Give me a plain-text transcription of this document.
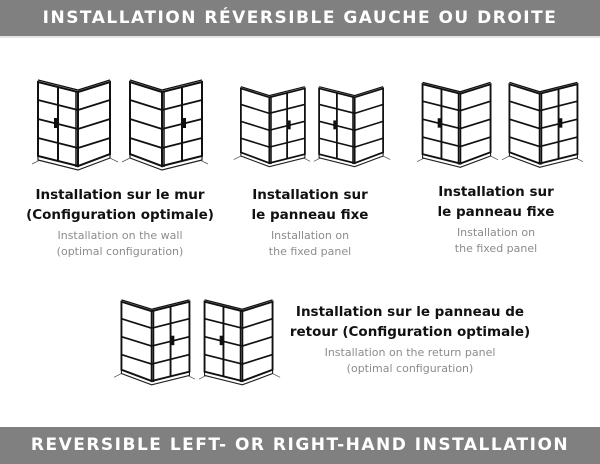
INSTALLATION RÉVERSIBLE GAUCHE OU DROITE
Installation sur le mur
(Configuration optimale)
Installation on the wall
(optimal configuration)
Installation sur
le panneau fixe
Installation on
the fixed panel
Installation sur
le panneau fixe
Installation on
the fixed panel
Installation sur le panneau de
retour (Configuration optimale)
Installation on the return panel
(optimal configuration)
REVERSIBLE LEFT- OR RIGHT-HAND INSTALLATION
